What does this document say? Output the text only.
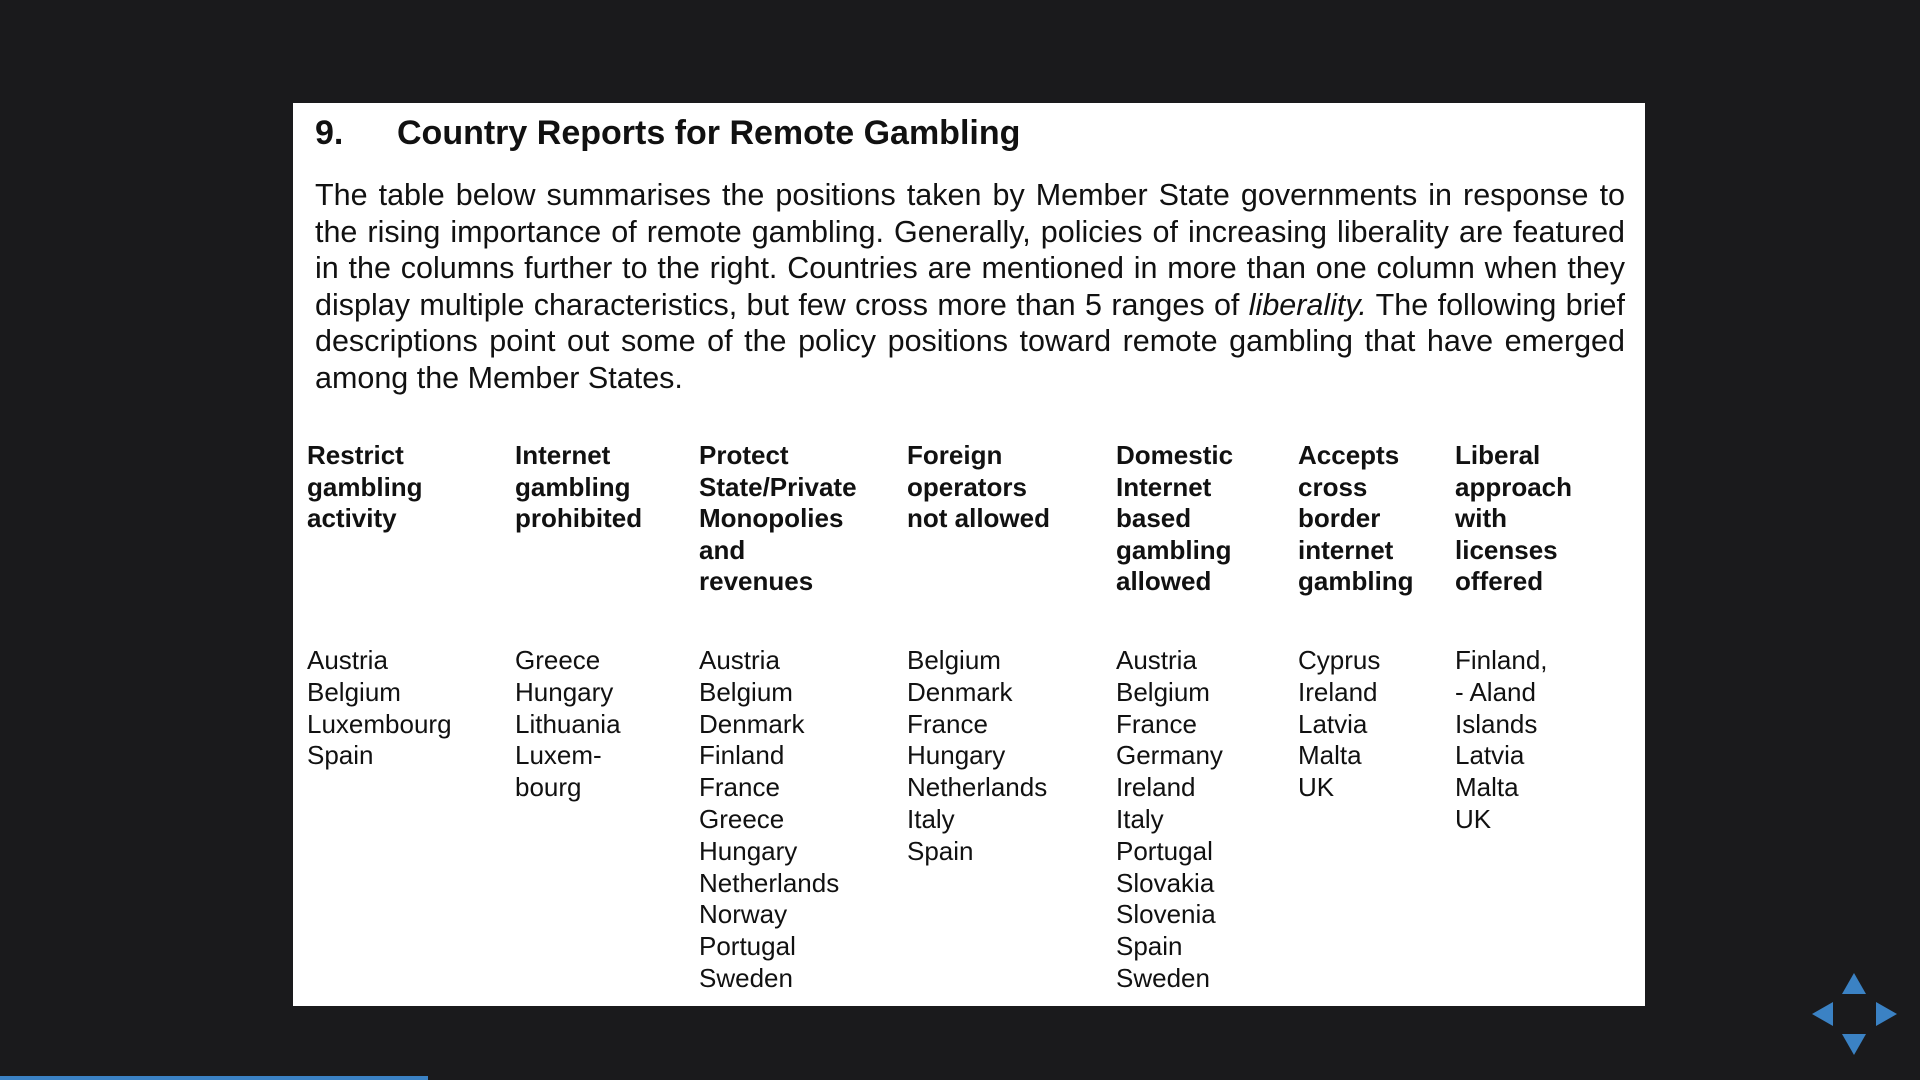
9. Country Reports for Remote Gambling
The table below summarises the positions taken by Member State governments in response to the rising importance of remote gambling. Generally, policies of increasing liberality are featured in the columns further to the right. Countries are mentioned in more than one column when they display multiple characteristics, but few cross more than 5 ranges of liberality. The following brief descriptions point out some of the policy positions toward remote gambling that have emerged among the Member States.
Restrict
gambling
activity
Austria
Belgium
Luxembourg
Spain
Internet
gambling
prohibited
Greece
Hungary
Lithuania
Luxem-
bourg
Protect
State/Private
Monopolies
and
revenues
Austria
Belgium
Denmark
Finland
France
Greece
Hungary
Netherlands
Norway
Portugal
Sweden
Foreign
operators
not allowed
Belgium
Denmark
France
Hungary
Netherlands
Italy
Spain
Domestic
Internet
based
gambling
allowed
Austria
Belgium
France
Germany
Ireland
Italy
Portugal
Slovakia
Slovenia
Spain
Sweden
Accepts
cross
border
internet
gambling
Cyprus
Ireland
Latvia
Malta
UK
Liberal
approach
with
licenses
offered
Finland,
- Aland
Islands
Latvia
Malta
UK
